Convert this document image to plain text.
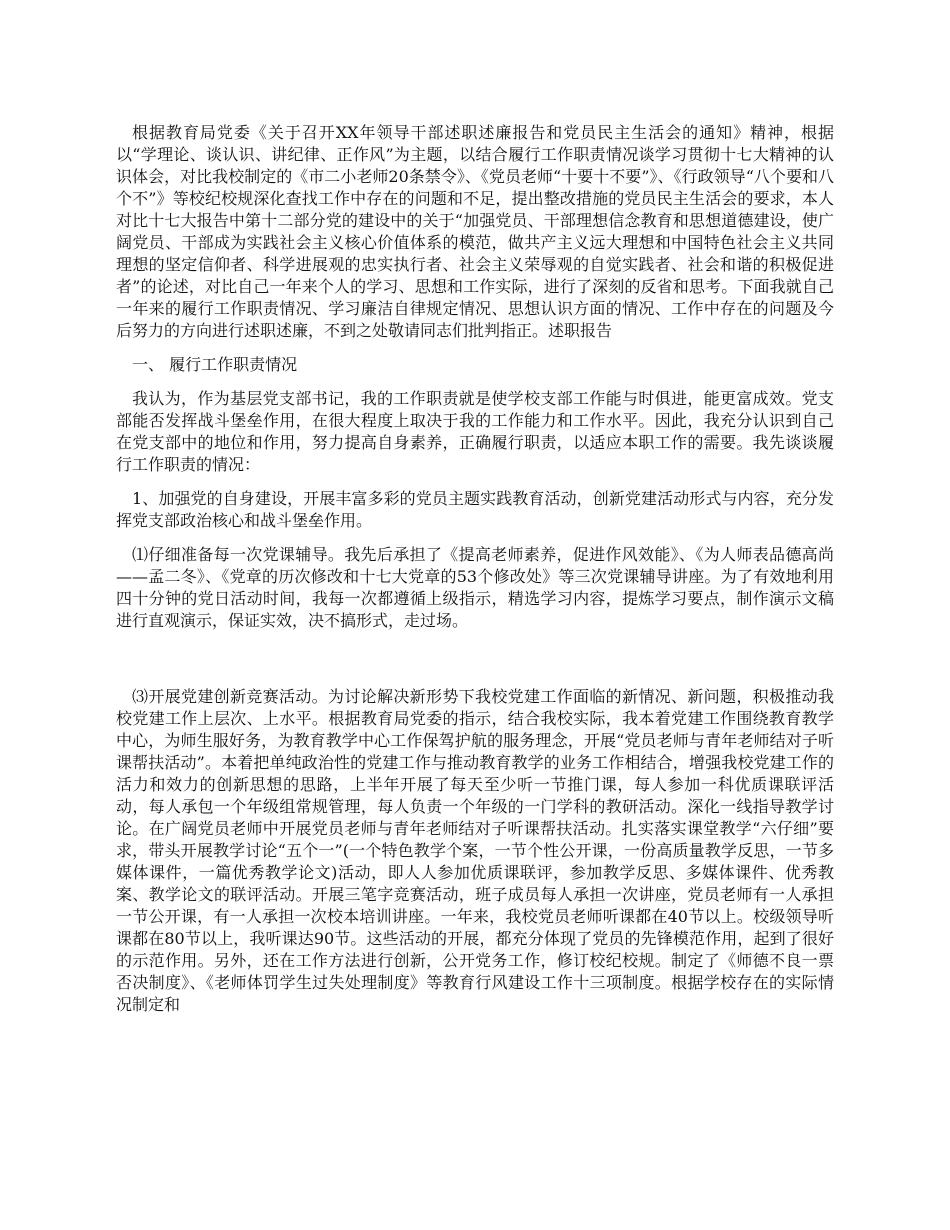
根据教育局党委《关于召开XX年领导干部述职述廉报告和党员民主生活会的通知》精神，根据以“学理论、谈认识、讲纪律、正作风”为主题，以结合履行工作职责情况谈学习贯彻十七大精神的认识体会，对比我校制定的《市二小老师20条禁令》、《党员老师“十要十不要”》、《行政领导“八个要和八个不”》等校纪校规深化查找工作中存在的问题和不足，提出整改措施的党员民主生活会的要求，本人对比十七大报告中第十二部分党的建设中的关于“加强党员、干部理想信念教育和思想道德建设，使广阔党员、干部成为实践社会主义核心价值体系的模范，做共产主义远大理想和中国特色社会主义共同理想的坚定信仰者、科学进展观的忠实执行者、社会主义荣辱观的自觉实践者、社会和谐的积极促进者”的论述，对比自己一年来个人的学习、思想和工作实际，进行了深刻的反省和思考。下面我就自己一年来的履行工作职责情况、学习廉洁自律规定情况、思想认识方面的情况、工作中存在的问题及今后努力的方向进行述职述廉，不到之处敬请同志们批判指正。述职报告

一、 履行工作职责情况

我认为，作为基层党支部书记，我的工作职责就是使学校支部工作能与时俱进，能更富成效。党支部能否发挥战斗堡垒作用，在很大程度上取决于我的工作能力和工作水平。因此，我充分认识到自己在党支部中的地位和作用，努力提高自身素养，正确履行职责，以适应本职工作的需要。我先谈谈履行工作职责的情况：

1、加强党的自身建设，开展丰富多彩的党员主题实践教育活动，创新党建活动形式与内容，充分发挥党支部政治核心和战斗堡垒作用。

⑴仔细准备每一次党课辅导。我先后承担了《提高老师素养，促进作风效能》、《为人师表品德高尚——孟二冬》、《党章的历次修改和十七大党章的53个修改处》等三次党课辅导讲座。为了有效地利用四十分钟的党日活动时间，我每一次都遵循上级指示，精选学习内容，提炼学习要点，制作演示文稿进行直观演示，保证实效，决不搞形式，走过场。

⑶开展党建创新竞赛活动。为讨论解决新形势下我校党建工作面临的新情况、新问题，积极推动我校党建工作上层次、上水平。根据教育局党委的指示，结合我校实际，我本着党建工作围绕教育教学中心，为师生服好务，为教育教学中心工作保驾护航的服务理念，开展“党员老师与青年老师结对子听课帮扶活动”。本着把单纯政治性的党建工作与推动教育教学的业务工作相结合，增强我校党建工作的活力和效力的创新思想的思路，上半年开展了每天至少听一节推门课，每人参加一科优质课联评活动，每人承包一个年级组常规管理，每人负责一个年级的一门学科的教研活动。深化一线指导教学讨论。在广阔党员老师中开展党员老师与青年老师结对子听课帮扶活动。扎实落实课堂教学“六仔细”要求，带头开展教学讨论“五个一”(一个特色教学个案，一节个性公开课，一份高质量教学反思，一节多媒体课件，一篇优秀教学论文)活动，即人人参加优质课联评，参加教学反思、多媒体课件、优秀教案、教学论文的联评活动。开展三笔字竞赛活动，班子成员每人承担一次讲座，党员老师有一人承担一节公开课，有一人承担一次校本培训讲座。一年来，我校党员老师听课都在40节以上。校级领导听课都在80节以上，我听课达90节。这些活动的开展，都充分体现了党员的先锋模范作用，起到了很好的示范作用。另外，还在工作方法进行创新，公开党务工作，修订校纪校规。制定了《师德不良一票否决制度》、《老师体罚学生过失处理制度》等教育行风建设工作十三项制度。根据学校存在的实际情况制定和
